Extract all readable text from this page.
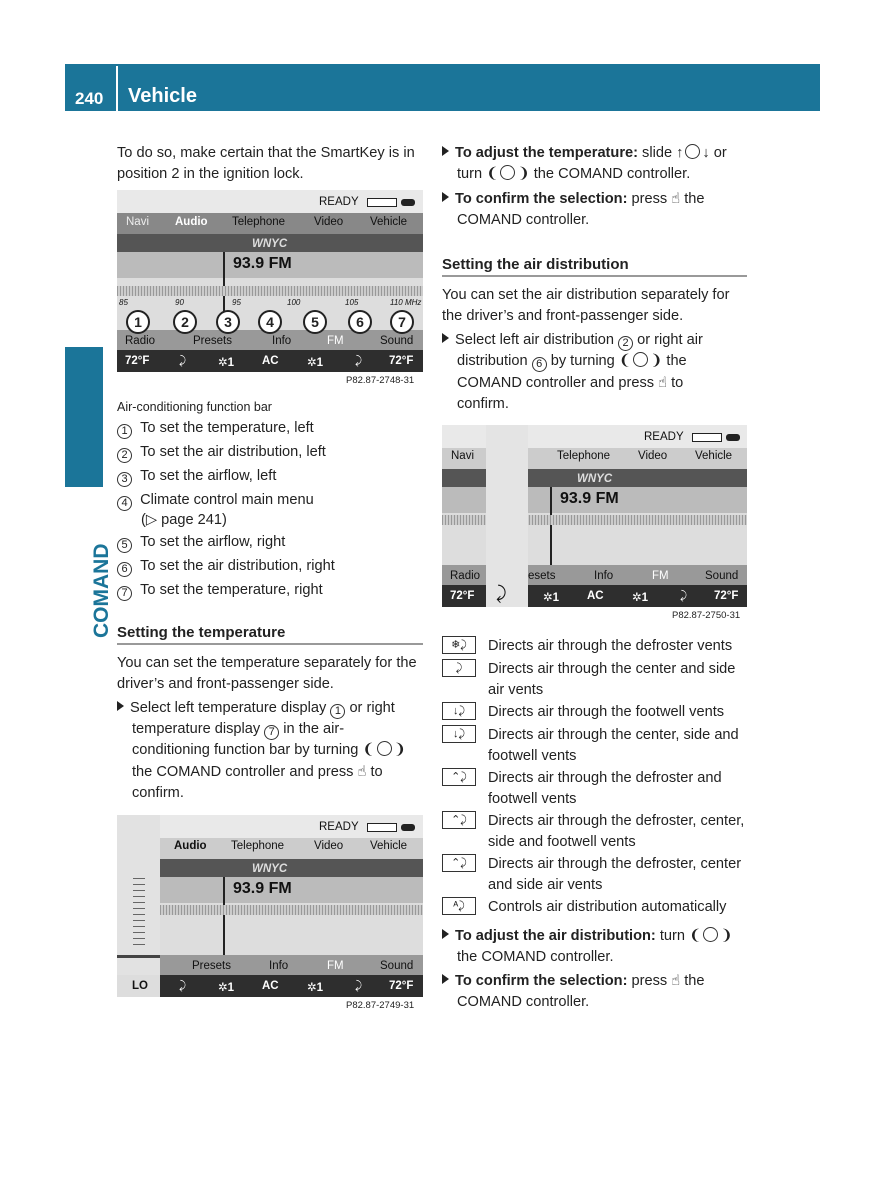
240 Vehicle
COMAND
To do so, make certain that the SmartKey is in position 2 in the ignition lock.
READY
Navi Audio Telephone	Video Vehicle
WNYC
93.9 FM
85	90	95	100	105	110 MHz
Radio	Presets	Info	FM	Sound
72°F	⤸	✲1 AC ✲1	⤸ 72°F
1	2	3	4	5	6	7
P82.87-2748-31
Air-conditioning function bar
1 To set the temperature, left
2 To set the air distribution, left
3 To set the airflow, left
4 Climate control main menu
(▷ page 241)
5 To set the airflow, right
6 To set the air distribution, right
7 To set the temperature, right
Setting the temperature
You can set the temperature separately for the driver’s and front-passenger side.
Select left temperature display 1 or right
temperature display 7 in the air-
conditioning function bar by turning ❨ ❩
the COMAND controller and press ☝ to
confirm.
READY
Audio Telephone	Video Vehicle
WNYC
93.9 FM
Presets	Info	FM	Sound
LO	⤸	✲1 AC ✲1	⤸ 72°F
P82.87-2749-31
To adjust the temperature: slide ↑ ↓ or
turn ❨ ❩ the COMAND controller.
To confirm the selection: press ☝ the
COMAND controller.
Setting the air distribution
You can set the air distribution separately for the driver’s and front-passenger side.
Select left air distribution 2 or right air
distribution 6 by turning ❨ ❩ the
COMAND controller and press ☝ to
confirm.
READY
Navi	Telephone Video Vehicle
WNYC
93.9 FM
Radio	esets	Info	FM	Sound
72°F	✲1 AC ✲1	⤸ 72°F
⤸
P82.87-2750-31
❄⤸	Directs air through the defroster vents
⤸	Directs air through the center and side air vents
↓⤸	Directs air through the footwell vents
↓⤸	Directs air through the center, side and footwell vents
⌃⤸	Directs air through the defroster and footwell vents
⌃⤸	Directs air through the defroster, center, side and footwell vents
⌃⤸	Directs air through the defroster, center and side air vents
ᴬ⤸	Controls air distribution automatically
To adjust the air distribution: turn ❨ ❩
the COMAND controller.
To confirm the selection: press ☝ the
COMAND controller.
